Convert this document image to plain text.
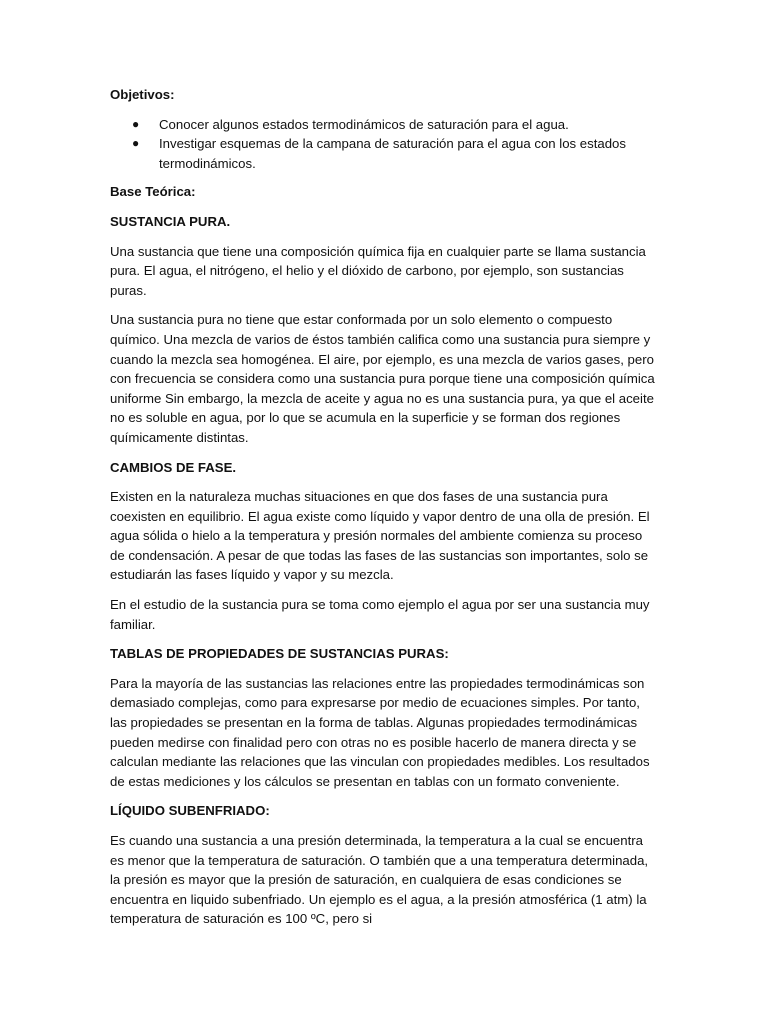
Objetivos:
● Conocer algunos estados termodinámicos de saturación para el agua.
● Investigar esquemas de la campana de saturación para el agua con los estados termodinámicos.
Base Teórica:
SUSTANCIA PURA.

Una sustancia que tiene una composición química fija en cualquier parte se llama sustancia pura. El agua, el nitrógeno, el helio y el dióxido de carbono, por ejemplo, son sustancias puras.

Una sustancia pura no tiene que estar conformada por un solo elemento o compuesto químico. Una mezcla de varios de éstos también califica como una sustancia pura siempre y cuando la mezcla sea homogénea. El aire, por ejemplo, es una mezcla de varios gases, pero con frecuencia se considera como una sustancia pura porque tiene una composición química uniforme Sin embargo, la mezcla de aceite y agua no es una sustancia pura, ya que el aceite no es soluble en agua, por lo que se acumula en la superficie y se forman dos regiones químicamente distintas.

CAMBIOS DE FASE.

Existen en la naturaleza muchas situaciones en que dos fases de una sustancia pura coexisten en equilibrio. El agua existe como líquido y vapor dentro de una olla de presión. El agua sólida o hielo a la temperatura y presión normales del ambiente comienza su proceso de condensación. A pesar de que todas las fases de las sustancias son importantes, solo se estudiarán las fases líquido y vapor y su mezcla.

En el estudio de la sustancia pura se toma como ejemplo el agua por ser una sustancia muy familiar.

TABLAS DE PROPIEDADES DE SUSTANCIAS PURAS:

Para la mayoría de las sustancias las relaciones entre las propiedades termodinámicas son demasiado complejas, como para expresarse por medio de ecuaciones simples. Por tanto, las propiedades se presentan en la forma de tablas. Algunas propiedades termodinámicas pueden medirse con finalidad pero con otras no es posible hacerlo de manera directa y se calculan mediante las relaciones que las vinculan con propiedades medibles. Los resultados de estas mediciones y los cálculos se presentan en tablas con un formato conveniente.

LÍQUIDO SUBENFRIADO:

Es cuando una sustancia a una presión determinada, la temperatura a la cual se encuentra es menor que la temperatura de saturación. O también que a una temperatura determinada, la presión es mayor que la presión de saturación, en cualquiera de esas condiciones se encuentra en liquido subenfriado. Un ejemplo es el agua, a la presión atmosférica (1 atm) la temperatura de saturación es 100 ºC, pero si
